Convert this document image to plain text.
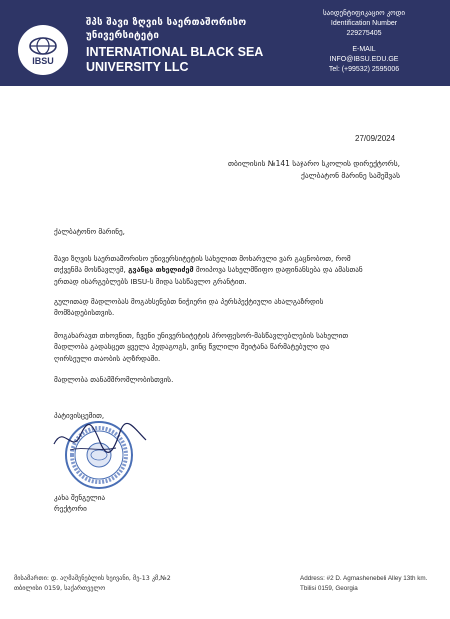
IBSU
შპს შავი ზღვის საერთაშორისო
უნივერსიტეტი
INTERNATIONAL BLACK SEA
UNIVERSITY LLC
საიდენტიფიკაციო კოდი
Identification Number
229275405
E-MAIL
INFO@IBSU.EDU.GE
Tel: (+99532) 2595006
27/09/2024
თბილისის №141 საჯარო სკოლის დირექტორს,
ქალბატონ მარინე სამეშვას
ქალბატონო მარინე,
შავი ზღვის საერთაშორისო უნივერსიტეტის სახელით მოხარული ვარ გაცნობოთ, რომ
თქვენმა მოსწავლემ, გვანცა თხელიძემ მოიპოვა სახელმწიფო დაფინანსება და ამასთან
ერთად ისარგებლებს IBSU-ს მიდა სასწავლო გრანტით.
გულითად მადლობას მოგახსენებთ ნიჭიერი და პერსპექტიული ახალგაზრდის
მომზადებისთვის.
მოგახარავთ თხოვნით, ჩვენი უნივერსიტეტის პროფესორ-მასწავლებლების სახელით
მადლობა გადასცეთ ყველა პედაგოგს, ვინც წვლილი შეიტანა წარმატებული და
ღირსეული თაობის აღზრდაში.
მადლობა თანამშრომლობისთვის.
პატივისცემით,
კახა შენგელია
რექტორი
მისამართი: დ. აღმაშენებლის ხეივანი, მე-13 კმ,№2
თბილისი 0159, საქართველო
Address: #2 D. Agmashenebeli Alley 13th km.
Tbilisi 0159, Georgia
